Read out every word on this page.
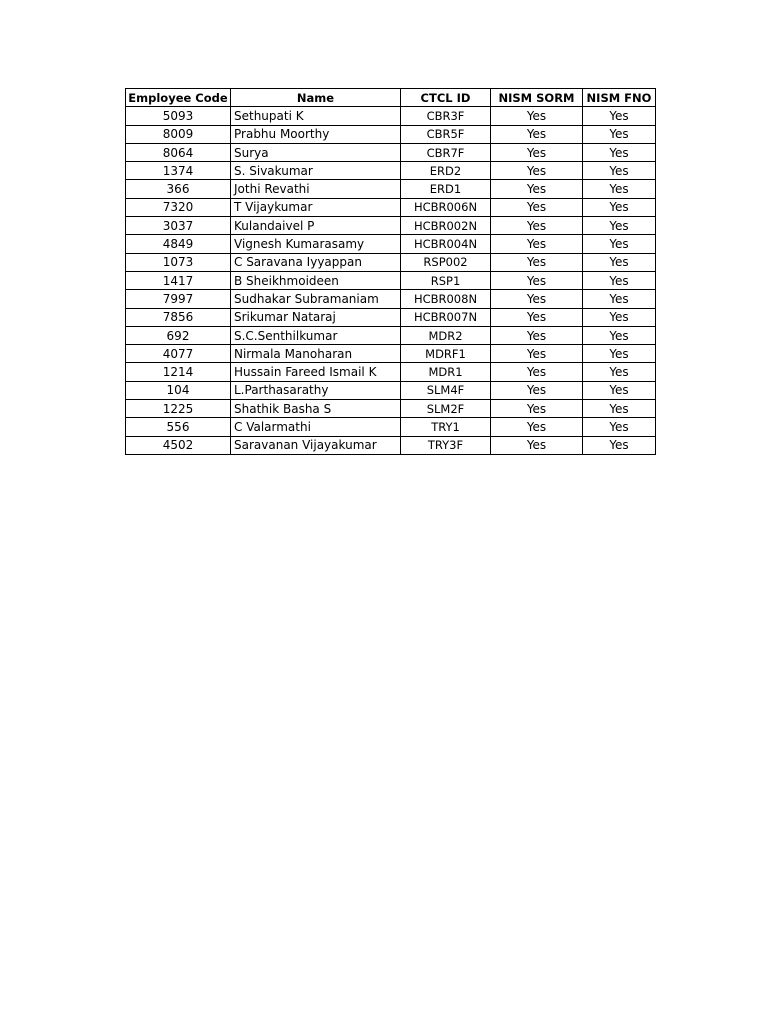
Employee Code	Name	CTCL ID	NISM SORM	NISM FNO
5093	Sethupati K	CBR3F	Yes	Yes
8009	Prabhu Moorthy	CBR5F	Yes	Yes
8064	Surya	CBR7F	Yes	Yes
1374	S. Sivakumar	ERD2	Yes	Yes
366	Jothi Revathi	ERD1	Yes	Yes
7320	T Vijaykumar	HCBR006N	Yes	Yes
3037	Kulandaivel P	HCBR002N	Yes	Yes
4849	Vignesh Kumarasamy	HCBR004N	Yes	Yes
1073	C Saravana Iyyappan	RSP002	Yes	Yes
1417	B Sheikhmoideen	RSP1	Yes	Yes
7997	Sudhakar Subramaniam	HCBR008N	Yes	Yes
7856	Srikumar Nataraj	HCBR007N	Yes	Yes
692	S.C.Senthilkumar	MDR2	Yes	Yes
4077	Nirmala Manoharan	MDRF1	Yes	Yes
1214	Hussain Fareed Ismail K	MDR1	Yes	Yes
104	L.Parthasarathy	SLM4F	Yes	Yes
1225	Shathik Basha S	SLM2F	Yes	Yes
556	C Valarmathi	TRY1	Yes	Yes
4502	Saravanan Vijayakumar	TRY3F	Yes	Yes
